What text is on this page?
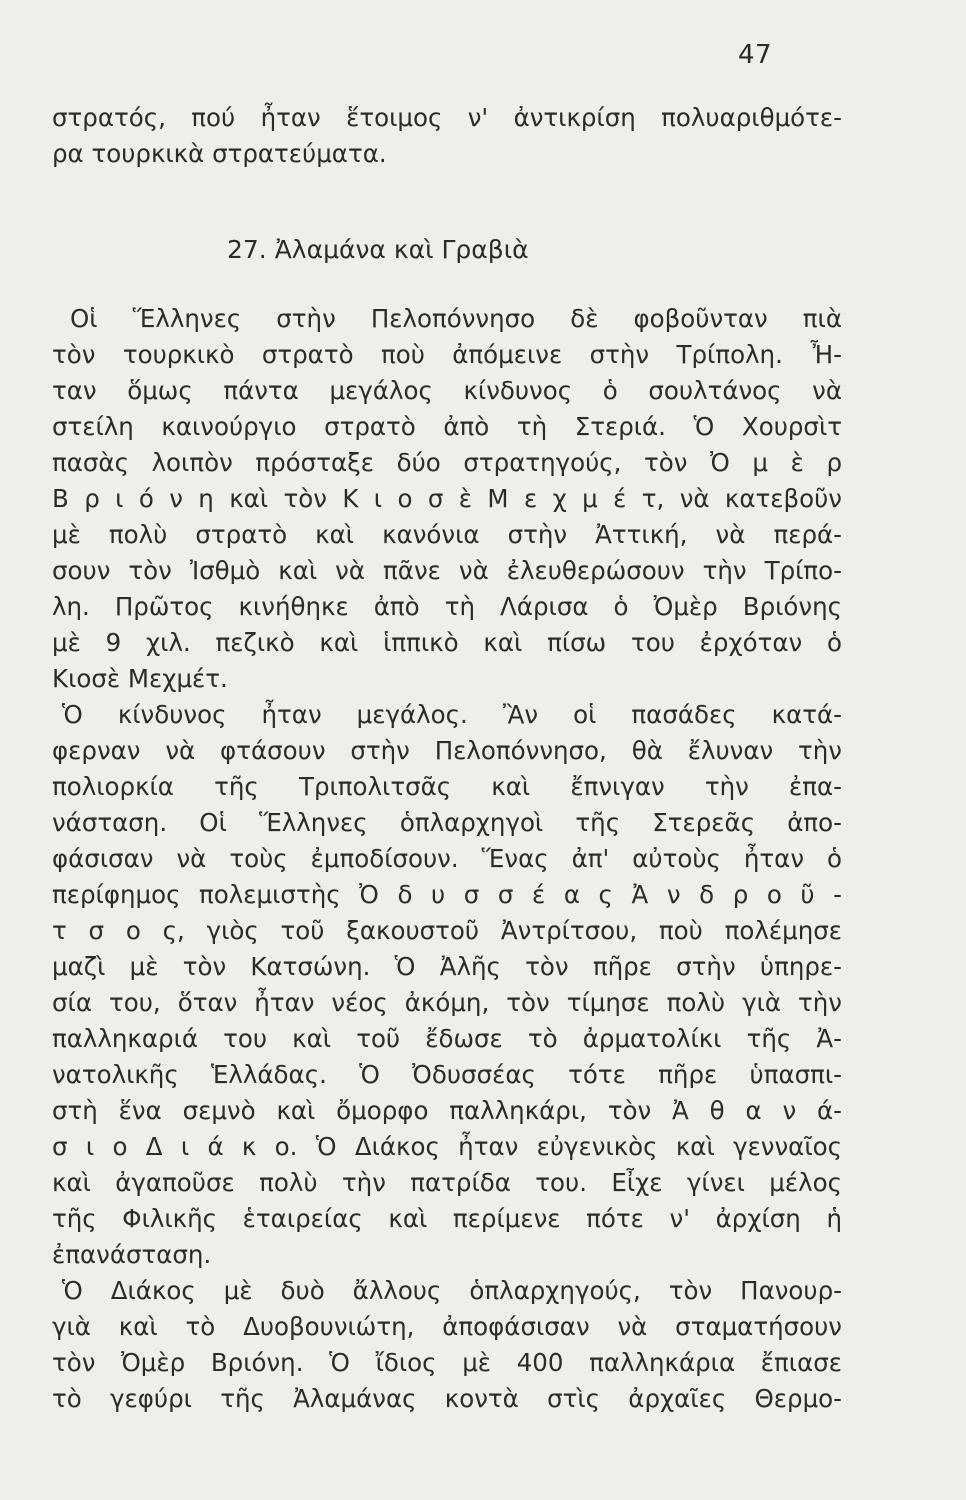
47
στρατός, πού ἦταν ἕτοιμος ν' ἀντικρίση πολυαριθμότε-
ρα τουρκικὰ στρατεύματα.
27. Ἀλαμάνα καὶ Γραβιὰ
Οἱ Ἕλληνες στὴν Πελοπόννησο δὲ φοβοῦνταν πιὰ
τὸν τουρκικὸ στρατὸ ποὺ ἀπόμεινε στὴν Τρίπολη. Ἦ-
ταν ὅμως πάντα μεγάλος κίνδυνος ὁ σουλτάνος νὰ
στείλη καινούργιο στρατὸ ἀπὸ τὴ Στεριά. Ὁ Χουρσὶτ
πασὰς λοιπὸν πρόσταξε δύο στρατηγούς, τὸν Ὀ μ ὲ ρ
Β ρ ι ό ν η καὶ τὸν Κ ι ο σ ὲ Μ ε χ μ έ τ, νὰ κατεβοῦν
μὲ πολὺ στρατὸ καὶ κανόνια στὴν Ἀττική, νὰ περά-
σουν τὸν Ἰσθμὸ καὶ νὰ πᾶνε νὰ ἐλευθερώσουν τὴν Τρίπο-
λη. Πρῶτος κινήθηκε ἀπὸ τὴ Λάρισα ὁ Ὀμὲρ Βριόνης
μὲ 9 χιλ. πεζικὸ καὶ ἱππικὸ καὶ πίσω του ἐρχόταν ὁ
Κιοσὲ Μεχμέτ.
Ὁ κίνδυνος ἦταν μεγάλος. Ἂν οἱ πασάδες κατά-
φερναν νὰ φτάσουν στὴν Πελοπόννησο, θὰ ἔλυναν τὴν
πολιορκία τῆς Τριπολιτσᾶς καὶ ἔπνιγαν τὴν ἐπα-
νάσταση. Οἱ Ἕλληνες ὁπλαρχηγοὶ τῆς Στερεᾶς ἀπο-
φάσισαν νὰ τοὺς ἐμποδίσουν. Ἕνας ἀπ' αὐτοὺς ἦταν ὁ
περίφημος πολεμιστὴς Ὀ δ υ σ σ έ α ς Ἀ ν δ ρ ο ῦ -
τ σ ο ς, γιὸς τοῦ ξακουστοῦ Ἀντρίτσου, ποὺ πολέμησε
μαζὶ μὲ τὸν Κατσώνη. Ὁ Ἀλῆς τὸν πῆρε στὴν ὑπηρε-
σία του, ὅταν ἦταν νέος ἀκόμη, τὸν τίμησε πολὺ γιὰ τὴν
παλληκαριά του καὶ τοῦ ἔδωσε τὸ ἀρματολίκι τῆς Ἀ-
νατολικῆς Ἑλλάδας. Ὁ Ὀδυσσέας τότε πῆρε ὑπασπι-
στὴ ἕνα σεμνὸ καὶ ὄμορφο παλληκάρι, τὸν Ἀ θ α ν ά-
σ ι ο Δ ι ά κ ο. Ὁ Διάκος ἦταν εὐγενικὸς καὶ γενναῖος
καὶ ἀγαποῦσε πολὺ τὴν πατρίδα του. Εἶχε γίνει μέλος
τῆς Φιλικῆς ἑταιρείας καὶ περίμενε πότε ν' ἀρχίση ἡ
ἐπανάσταση.
Ὁ Διάκος μὲ δυὸ ἄλλους ὁπλαρχηγούς, τὸν Πανουρ-
γιὰ καὶ τὸ Δυοβουνιώτη, ἀποφάσισαν νὰ σταματήσουν
τὸν Ὀμὲρ Βριόνη. Ὁ ἴδιος μὲ 400 παλληκάρια ἔπιασε
τὸ γεφύρι τῆς Ἀλαμάνας κοντὰ στὶς ἀρχαῖες Θερμο-
